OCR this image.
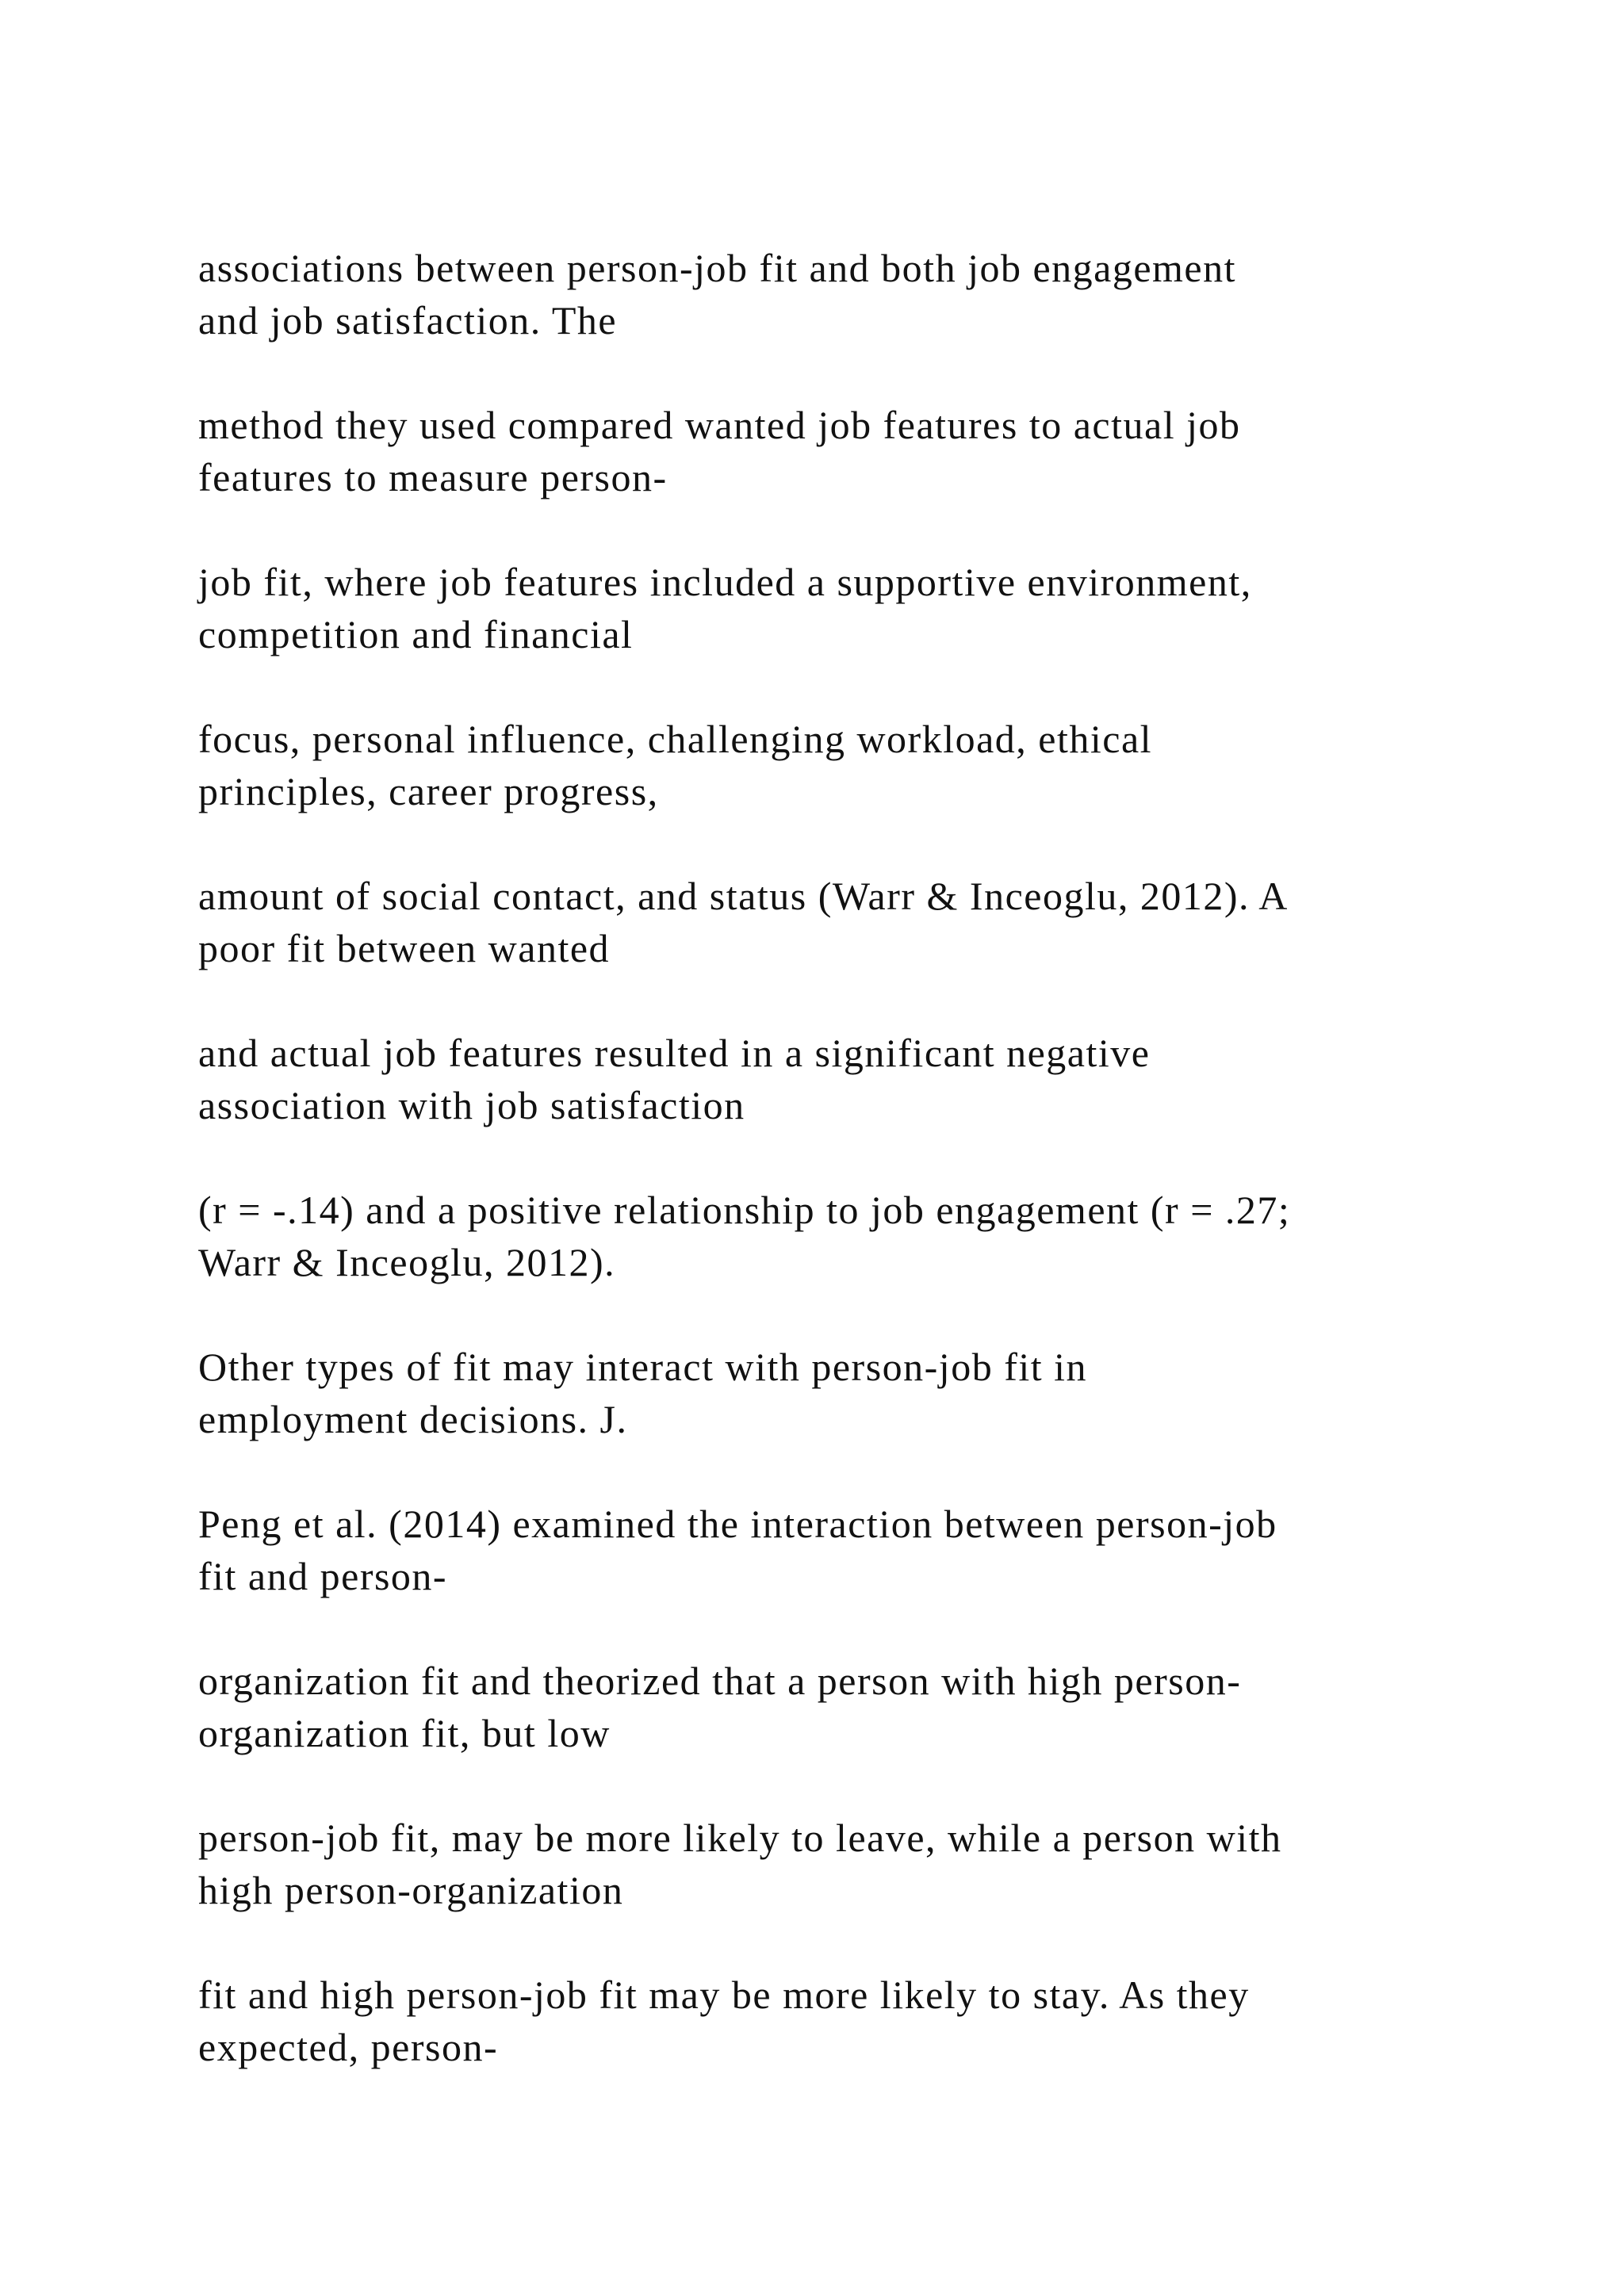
associations between person-job fit and both job engagement
and job satisfaction. The

method they used compared wanted job features to actual job
features to measure person-

job fit, where job features included a supportive environment,
competition and financial

focus, personal influence, challenging workload, ethical
principles, career progress,

amount of social contact, and status (Warr & Inceoglu, 2012). A
poor fit between wanted

and actual job features resulted in a significant negative
association with job satisfaction

(r = -.14) and a positive relationship to job engagement (r = .27;
Warr & Inceoglu, 2012).

Other types of fit may interact with person-job fit in
employment decisions. J.

Peng et al. (2014) examined the interaction between person-job
fit and person-

organization fit and theorized that a person with high person-
organization fit, but low

person-job fit, may be more likely to leave, while a person with
high person-organization

fit and high person-job fit may be more likely to stay. As they
expected, person-
